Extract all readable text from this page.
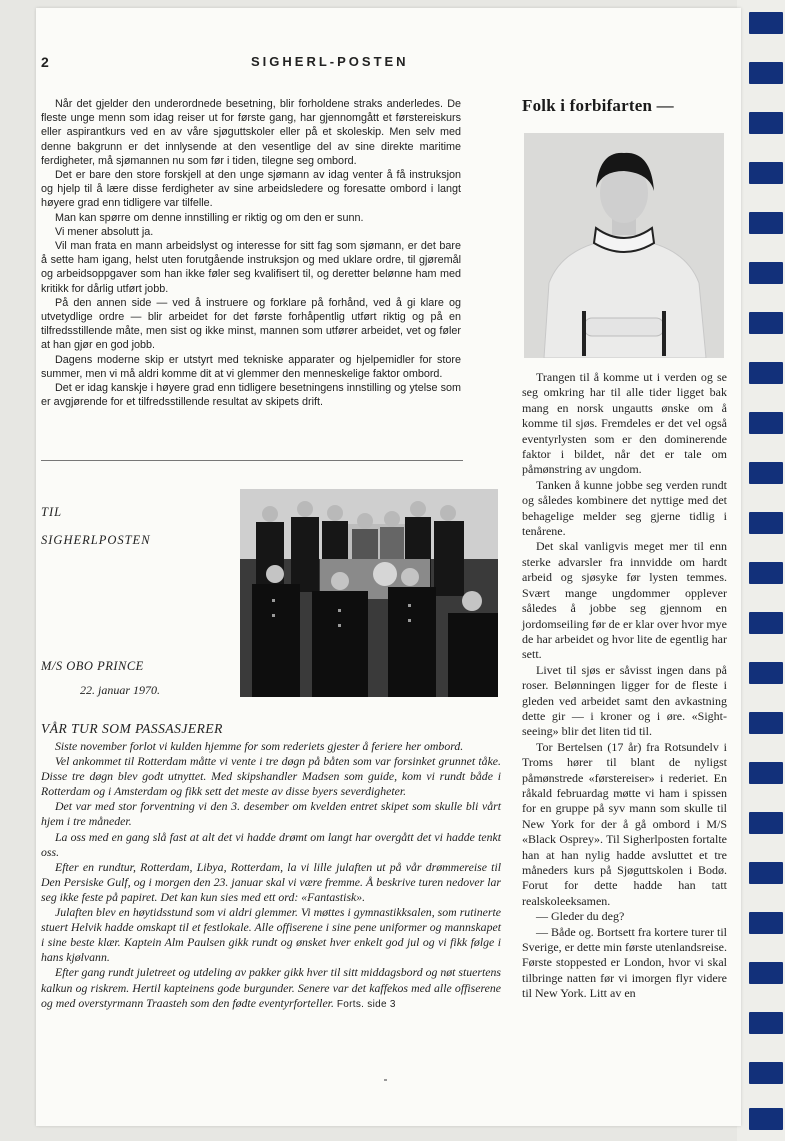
2	SIGHERL-POSTEN

Når det gjelder den underordnede besetning, blir forholdene straks anderledes. De fleste unge menn som idag reiser ut for første gang, har gjennomgått et førstereiskurs eller aspirantkurs ved en av våre sjøguttskoler eller på et skoleskip. Men selv med denne bakgrunn er det innlysende at den vesentlige del av sine direkte maritime ferdigheter, må sjømannen nu som før i tiden, tilegne seg ombord.

Det er bare den store forskjell at den unge sjømann av idag venter å få instruksjon og hjelp til å lære disse ferdigheter av sine arbeidsledere og foresatte ombord i langt høyere grad enn tidligere var tilfelle.

Man kan spørre om denne innstilling er riktig og om den er sunn.

Vi mener absolutt ja.

Vil man frata en mann arbeidslyst og interesse for sitt fag som sjømann, er det bare å sette ham igang, helst uten forutgående instruksjon og med uklare ordre, til gjøremål og arbeidsoppgaver som han ikke føler seg kvalifisert til, og deretter belønne ham med kritikk for dårlig utført jobb.

På den annen side — ved å instruere og forklare på forhånd, ved å gi klare og utvetydlige ordre — blir arbeidet for det første forhåpentlig utført riktig og på en tilfredsstillende måte, men sist og ikke minst, mannen som utfører arbeidet, vet og føler at han gjør en god jobb.

Dagens moderne skip er utstyrt med tekniske apparater og hjelpemidler for store summer, men vi må aldri komme dit at vi glemmer den menneskelige faktor ombord.

Det er idag kanskje i høyere grad enn tidligere besetningens innstilling og ytelse som er avgjørende for et tilfredsstillende resultat av skipets drift.

TIL
SIGHERLPOSTEN
M/S OBO PRINCE
22. januar 1970.
VÅR TUR SOM PASSASJERER

Siste november forlot vi kulden hjemme for som rederiets gjester å feriere her ombord.

Vel ankommet til Rotterdam måtte vi vente i tre døgn på båten som var forsinket grunnet tåke. Disse tre døgn blev godt utnyttet. Med skipshandler Madsen som guide, kom vi rundt både i Rotterdam og i Amsterdam og fikk sett det meste av disse byers severdigheter.

Det var med stor forventning vi den 3. desember om kvelden entret skipet som skulle bli vårt hjem i tre måneder.

La oss med en gang slå fast at alt det vi hadde drømt om langt har overgått det vi hadde tenkt oss.

Efter en rundtur, Rotterdam, Libya, Rotterdam, la vi lille julaften ut på vår drømmereise til Den Persiske Gulf, og i morgen den 23. januar skal vi være fremme. Å beskrive turen nedover lar seg ikke feste på papiret. Det kan kun sies med ett ord: «Fantastisk».

Julaften blev en høytidsstund som vi aldri glemmer. Vi møttes i gymnastikksalen, som rutinerte stuert Helvik hadde omskapt til et festlokale. Alle offiserene i sine pene uniformer og mannskapet i sine beste klær. Kaptein Alm Paulsen gikk rundt og ønsket hver enkelt god jul og vi fikk følge i hans kjølvann.

Efter gang rundt juletreet og utdeling av pakker gikk hver til sitt middagsbord og nøt stuertens kalkun og riskrem. Hertil kapteinens gode burgunder. Senere var det kaffekos med alle offiserene og med overstyrmann Traasteh som den fødte eventyrforteller. Forts. side 3

Folk i forbifarten —

Trangen til å komme ut i verden og se seg omkring har til alle tider ligget bak mang en norsk ungautts ønske om å komme til sjøs. Fremdeles er det vel også eventyrlysten som er den dominerende faktor i bildet, når det er tale om påmønstring av ungdom.

Tanken å kunne jobbe seg verden rundt og således kombinere det nyttige med det behagelige melder seg gjerne tidlig i tenårene.

Det skal vanligvis meget mer til enn sterke advarsler fra innvidde om hardt arbeid og sjøsyke før lysten temmes. Svært mange ungdommer opplever således å jobbe seg gjennom en jordomseiling før de er klar over hvor mye de har arbeidet og hvor lite de egentlig har sett.

Livet til sjøs er såvisst ingen dans på roser. Belønningen ligger for de fleste i gleden ved arbeidet samt den avkastning dette gir — i kroner og i øre. «Sight-seeing» blir det liten tid til.

Tor Bertelsen (17 år) fra Rotsundelv i Troms hører til blant de nyligst påmønstrede «førstereiser» i rederiet. En råkald februardag møtte vi ham i spissen for en gruppe på syv mann som skulle til New York for der å gå ombord i M/S «Black Osprey». Til Sigherlposten fortalte han at han nylig hadde avsluttet et tre måneders kurs på Sjøguttskolen i Bodø. Forut for dette hadde han tatt realskoleeksamen.

— Gleder du deg?

— Både og. Bortsett fra kortere turer til Sverige, er dette min første utenlandsreise. Første stoppested er London, hvor vi skal tilbringe natten før vi imorgen flyr videre til New York. Litt av en
